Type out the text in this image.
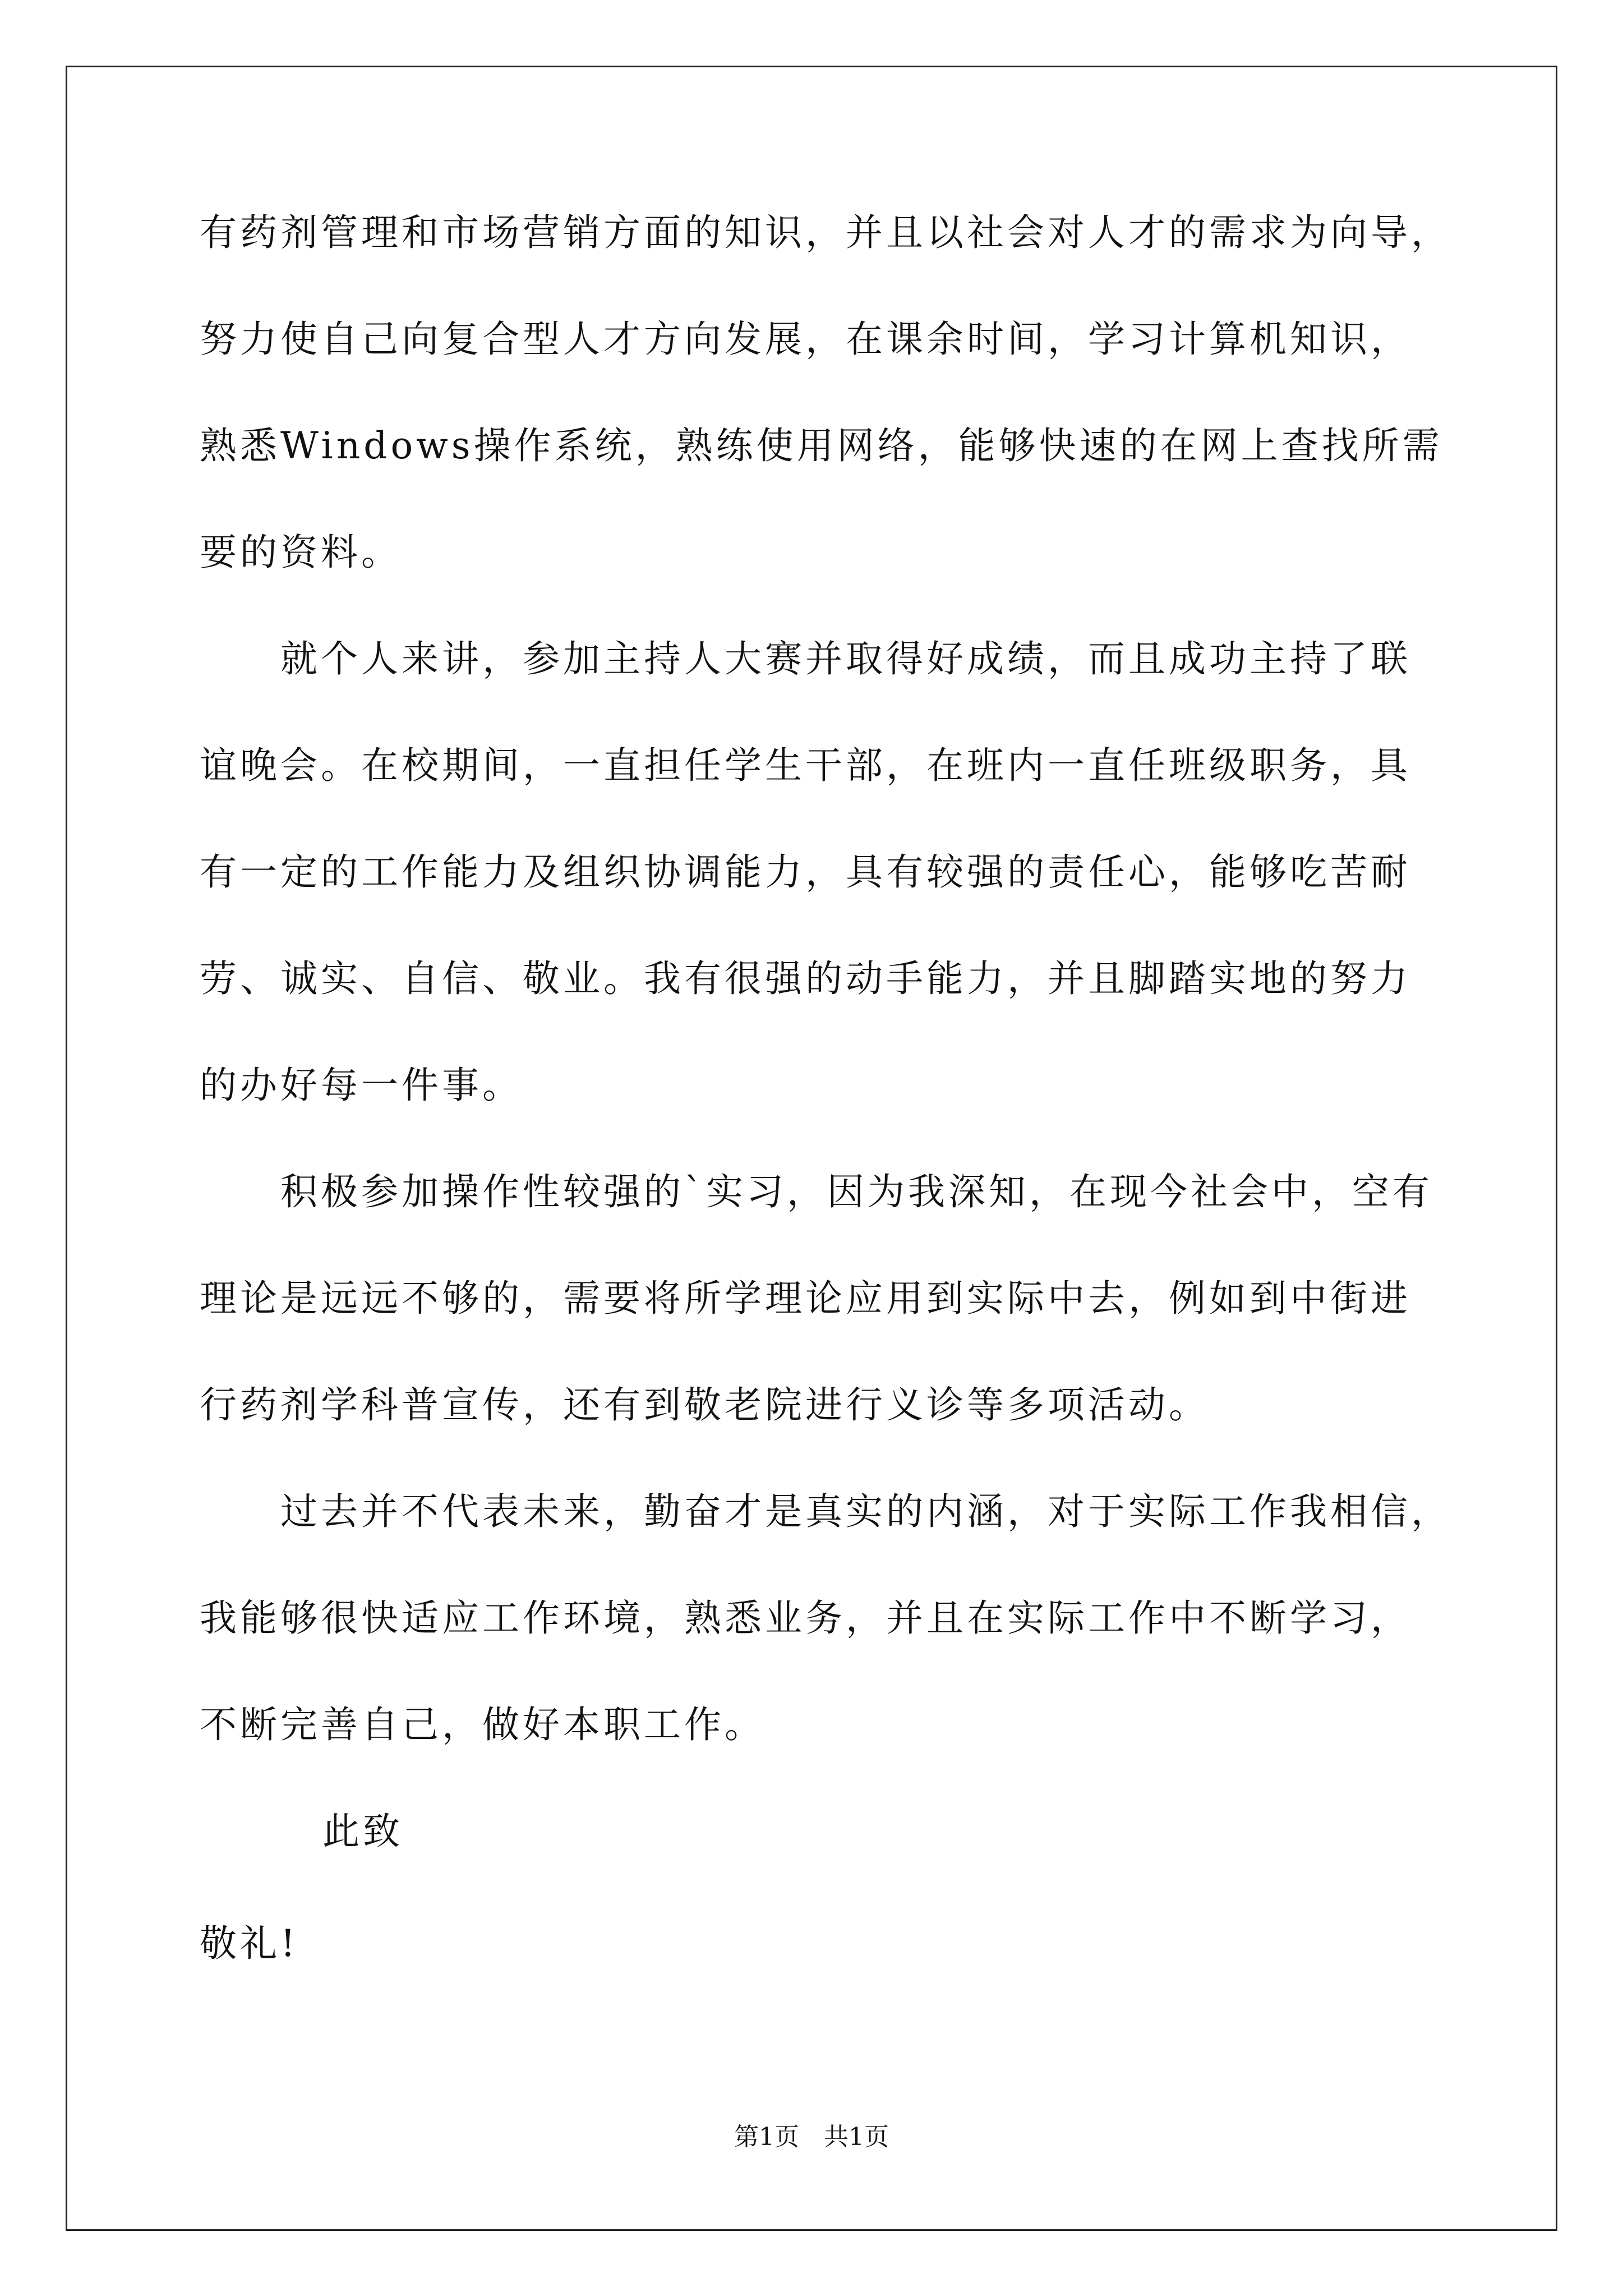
有药剂管理和市场营销方面的知识，并且以社会对人才的需求为向导，
努力使自己向复合型人才方向发展，在课余时间，学习计算机知识，
熟悉Windows操作系统，熟练使用网络，能够快速的在网上查找所需
要的资料。
　　就个人来讲，参加主持人大赛并取得好成绩，而且成功主持了联
谊晚会。在校期间，一直担任学生干部，在班内一直任班级职务，具
有一定的工作能力及组织协调能力，具有较强的责任心，能够吃苦耐
劳、诚实、自信、敬业。我有很强的动手能力，并且脚踏实地的努力
的办好每一件事。
　　积极参加操作性较强的`实习，因为我深知，在现今社会中，空有
理论是远远不够的，需要将所学理论应用到实际中去，例如到中街进
行药剂学科普宣传，还有到敬老院进行义诊等多项活动。
　　过去并不代表未来，勤奋才是真实的内涵，对于实际工作我相信，
我能够很快适应工作环境，熟悉业务，并且在实际工作中不断学习，
不断完善自己，做好本职工作。
此致
敬礼!
第1页　共1页
